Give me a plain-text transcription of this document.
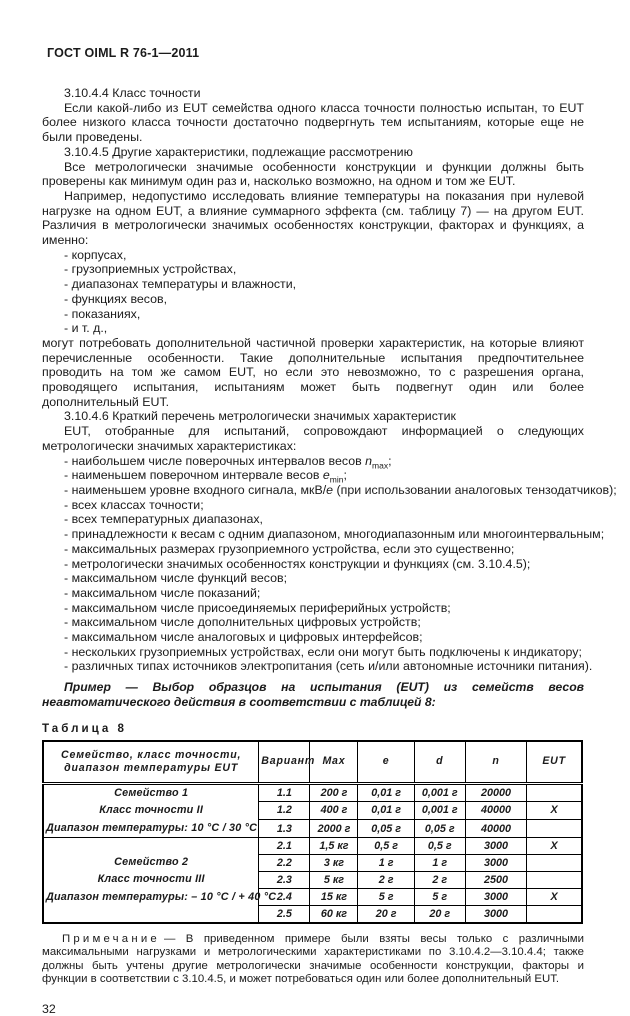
ГОСТ OIML R 76-1—2011
3.10.4.4 Класс точности
Если какой-либо из EUT семейства одного класса точности полностью испытан, то EUT более низкого класса точности достаточно подвергнуть тем испытаниям, которые еще не были проведены.
3.10.4.5 Другие характеристики, подлежащие рассмотрению
Все метрологически значимые особенности конструкции и функции должны быть проверены как минимум один раз и, насколько возможно, на одном и том же EUT.
Например, недопустимо исследовать влияние температуры на показания при нулевой нагрузке на одном EUT, а влияние суммарного эффекта (см. таблицу 7) — на другом EUT. Различия в метрологически значимых особенностях конструкции, факторах и функциях, а именно:
- корпусах,
- грузоприемных устройствах,
- диапазонах температуры и влажности,
- функциях весов,
- показаниях,
- и т. д.,
могут потребовать дополнительной частичной проверки характеристик, на которые влияют перечисленные особенности. Такие дополнительные испытания предпочтительнее проводить на том же самом EUT, но если это невозможно, то с разрешения органа, проводящего испытания, испытаниям может быть подвегнут один или более дополнительный EUT.
3.10.4.6 Краткий перечень метрологически значимых характеристик
EUT, отобранные для испытаний, сопровождают информацией о следующих метрологически значимых характеристиках:
- наибольшем числе поверочных интервалов весов $n_{max}$;
- наименьшем поверочном интервале весов $e_{min}$;
- наименьшем уровне входного сигнала, мкВ/e (при использовании аналоговых тензодатчиков);
- всех классах точности;
- всех температурных диапазонах,
- принадлежности к весам с одним диапазоном, многодиапазонным или многоинтервальным;
- максимальных размерах грузоприемного устройства, если это существенно;
- метрологически значимых особенностях конструкции и функциях (см. 3.10.4.5);
- максимальном числе функций весов;
- максимальном числе показаний;
- максимальном числе присоединяемых периферийных устройств;
- максимальном числе дополнительных цифровых устройств;
- максимальном числе аналоговых и цифровых интерфейсов;
- нескольких грузоприемных устройствах, если они могут быть подключены к индикатору;
- различных типах источников электропитания (сеть и/или автономные источники питания).
Пример — Выбор образцов на испытания (EUT) из семейств весов неавтоматического действия в соответствии с таблицей 8:
Таблица 8
Семейство, класс точности,
диапазон температуры EUT	Вариант	Max	e	d	n	EUT

Семейство 1
Класс точности II
Диапазон температуры: 10 °C / 30 °C	1.1	200 г	0,01 г	0,001 г	20000	
	1.2	400 г	0,01 г	0,001 г	40000	X
	1.3	2000 г	0,05 г	0,05 г	40000	

Семейство 2
Класс точности III
Диапазон температуры: – 10 °C / + 40 °C	2.1	1,5 кг	0,5 г	0,5 г	3000	X
	2.2	3 кг	1 г	1 г	3000	
	2.3	5 кг	2 г	2 г	2500	
	2.4	15 кг	5 г	5 г	3000	X
	2.5	60 кг	20 г	20 г	3000	
Примечание — В приведенном примере были взяты весы только с различными максимальными нагрузками и метрологическими характеристиками по 3.10.4.2—3.10.4.4; также должны быть учтены другие метрологически значимые особенности конструкции, факторы и функции в соответствии с 3.10.4.5, и может потребоваться один или более дополнительный EUT.
32
